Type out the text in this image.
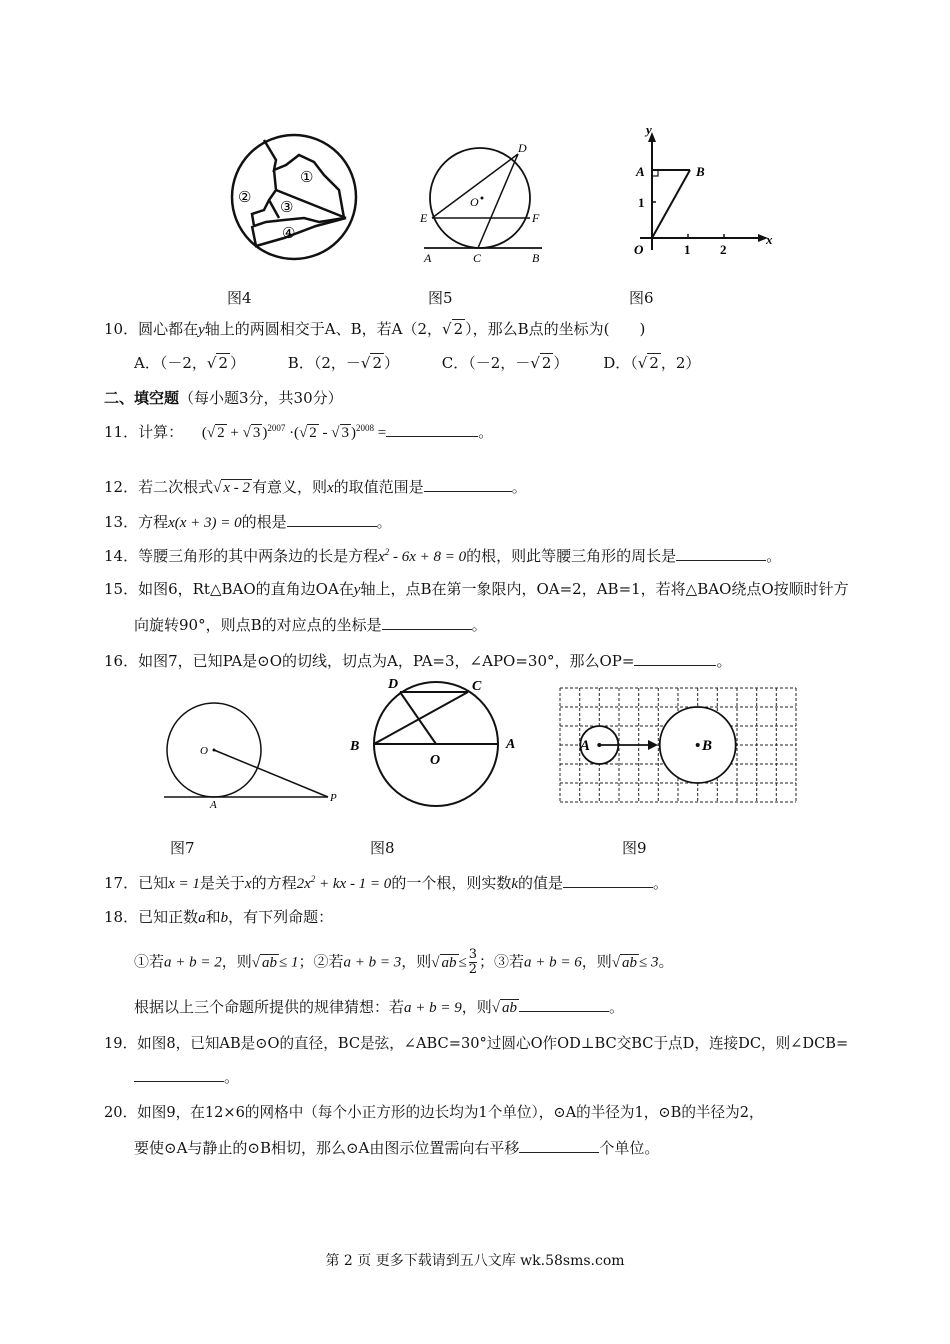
①
②
③
④
D
O
E	F
A	C	B
y
A	B
1
O	1 2
x
图4	图5	图6
10．圆心都在y轴上的两圆相交于A、B，若A（2，√ 2 ），那么B点的坐标为(　　)
A．（－2，√ 2 ）	B．（2，－√ 2 ）	C．（－2，－√ 2 ） D．（√ 2 ，2）
二、填空题（每小题3分，共30分）
11．计算： (√ 2 + √ 3 )$^{2007}$ ·(√ 2 - √ 3 )$^{2008}$ =	。
12．若二次根式√ x - 2 有意义，则x的取值范围是	。
13．方程x(x + 3) = 0的根是	。
14．等腰三角形的其中两条边的长是方程$x^2 - 6x + 8 = 0$的根，则此等腰三角形的周长是	。
15．如图6，Rt△BAO的直角边OA在y轴上，点B在第一象限内，OA=2，AB=1，若将△BAO绕点O按顺时针方
向旋转90°，则点B的对应点的坐标是	。
16．如图7，已知PA是⊙O的切线，切点为A，PA=3，∠APO=30°，那么OP=	。
O
A
P
D	C
B
O
A	A	B
图7	图8	图9
17．已知x = 1是关于x的方程$2x^2$ + kx - 1 = 0的一个根，则实数k的值是	。
18．已知正数a和b，有下列命题：
①若a + b = 2，则√ ab ≤ 1；②若a + b = 3，则√ ab ≤ $\frac{3}{2}$ ；③若a + b = 6，则√ ab ≤ 3。
根据以上三个命题所提供的规律猜想：若a + b = 9，则√ ab	。
19．如图8，已知AB是⊙O的直径，BC是弦，∠ABC=30°过圆心O作OD⊥BC交BC于点D，连接DC，则∠DCB=
。
20．如图9，在12×6的网格中（每个小正方形的边长均为1个单位），⊙A的半径为1，⊙B的半径为2，
要使⊙A与静止的⊙B相切，那么⊙A由图示位置需向右平移	个单位。
第 2 页 更多下载请到五八文库 wk.58sms.com
